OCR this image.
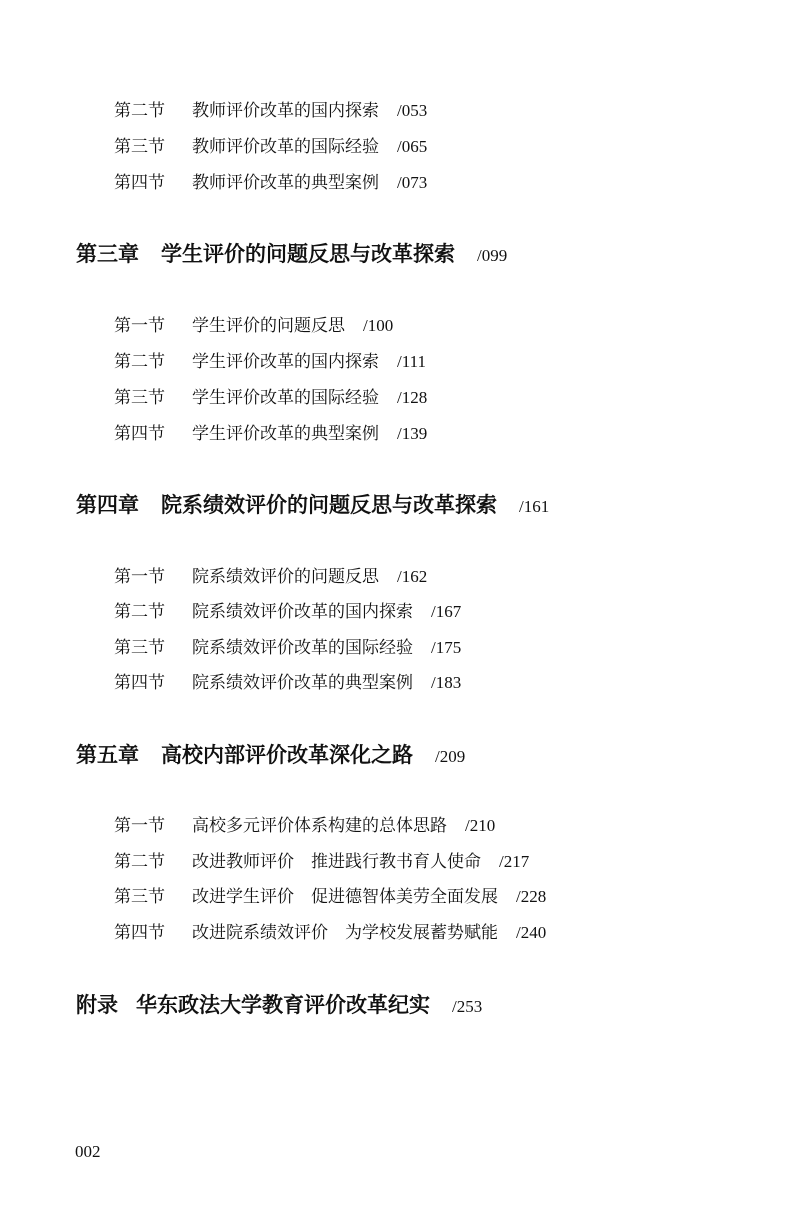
第二节	教师评价改革的国内探索 /053
第三节	教师评价改革的国际经验 /065
第四节	教师评价改革的典型案例 /073
第三章 学生评价的问题反思与改革探索 /099
第一节	学生评价的问题反思 /100
第二节	学生评价改革的国内探索 /111
第三节	学生评价改革的国际经验 /128
第四节	学生评价改革的典型案例 /139
第四章 院系绩效评价的问题反思与改革探索 /161
第一节	院系绩效评价的问题反思 /162
第二节	院系绩效评价改革的国内探索 /167
第三节	院系绩效评价改革的国际经验 /175
第四节	院系绩效评价改革的典型案例 /183
第五章 高校内部评价改革深化之路 /209
第一节	高校多元评价体系构建的总体思路 /210
第二节	改进教师评价　推进践行教书育人使命 /217
第三节	改进学生评价　促进德智体美劳全面发展 /228
第四节	改进院系绩效评价　为学校发展蓄势赋能 /240
附录 华东政法大学教育评价改革纪实 /253
002
